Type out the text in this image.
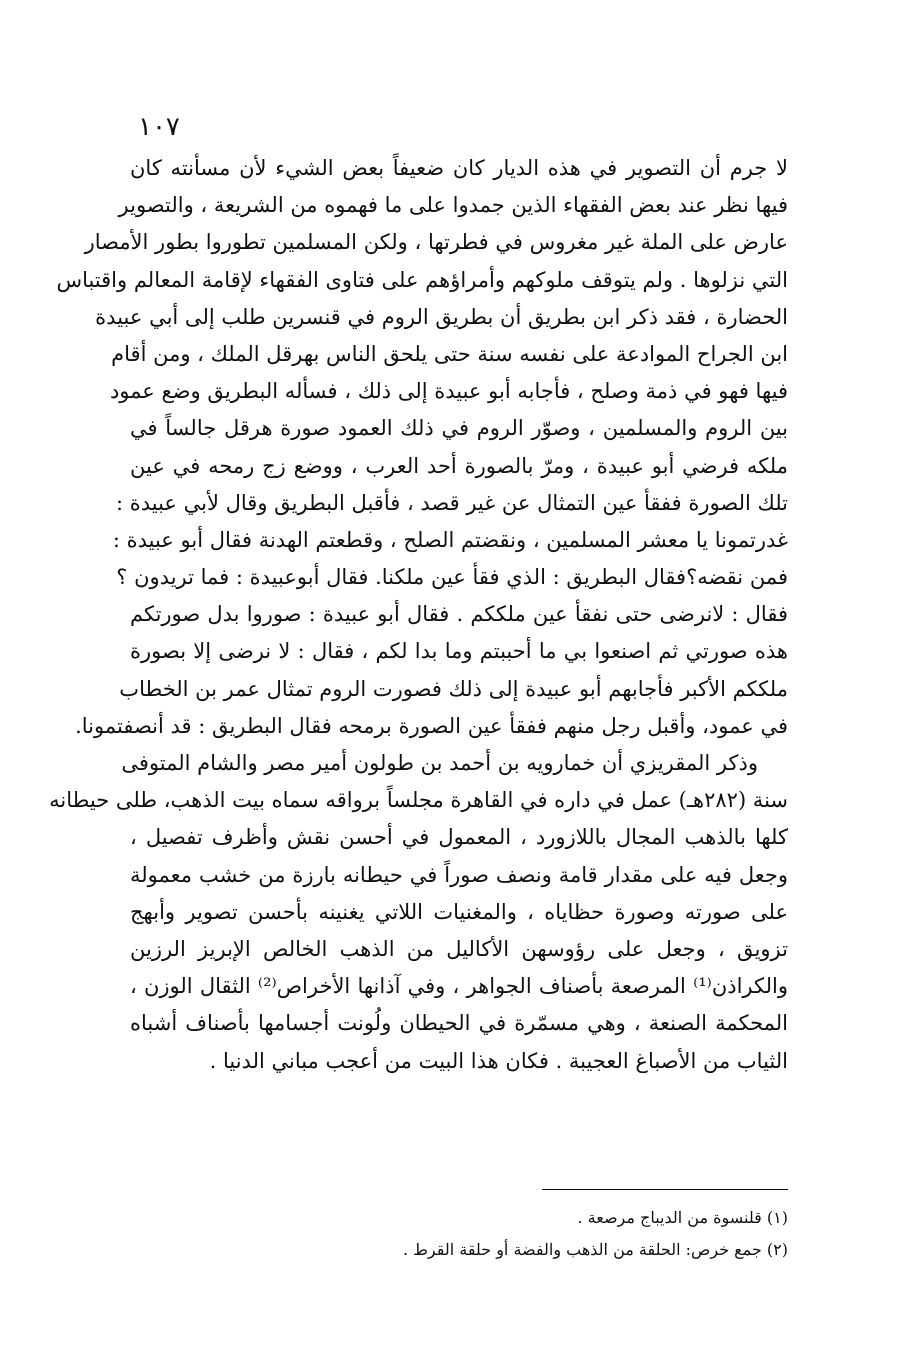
١٠٧
لا جرم أن التصوير في هذه الديار كان ضعيفاً بعض الشيء لأن مسأنته كان
فيها نظر عند بعض الفقهاء الذين جمدوا على ما فهموه من الشريعة ، والتصوير
عارض على الملة غير مغروس في فطرتها ، ولكن المسلمين تطوروا بطور الأمصار
التي نزلوها . ولم يتوقف ملوكهم وأمراؤهم على فتاوى الفقهاء لإقامة المعالم واقتباس
الحضارة ، فقد ذكر ابن بطريق أن بطريق الروم في قنسرين طلب إلى أبي عبيدة
ابن الجراح الموادعة على نفسه سنة حتى يلحق الناس بهرقل الملك ، ومن أقام
فيها فهو في ذمة وصلح ، فأجابه أبو عبيدة إلى ذلك ، فسأله البطريق وضع عمود
بين الروم والمسلمين ، وصوّر الروم في ذلك العمود صورة هرقل جالساً في
ملكه فرضي أبو عبيدة ، ومرّ بالصورة أحد العرب ، ووضع زج رمحه في عين
تلك الصورة ففقأ عين التمثال عن غير قصد ، فأقبل البطريق وقال لأبي عبيدة :
غدرتمونا يا معشر المسلمين ، ونقضتم الصلح ، وقطعتم الهدنة فقال أبو عبيدة :
فمن نقضه؟فقال البطريق : الذي فقأ عين ملكنا. فقال أبوعبيدة : فما تريدون ؟
فقال : لانرضى حتى نفقأ عين ملككم . فقال أبو عبيدة : صوروا بدل صورتكم
هذه صورتي ثم اصنعوا بي ما أحببتم وما بدا لكم ، فقال : لا نرضى إلا بصورة
ملككم الأكبر فأجابهم أبو عبيدة إلى ذلك فصورت الروم تمثال عمر بن الخطاب
في عمود، وأقبل رجل منهم ففقأ عين الصورة برمحه فقال البطريق : قد أنصفتمونا.
وذكر المقريزي أن خمارويه بن أحمد بن طولون أمير مصر والشام المتوفى
سنة (٢٨٢هـ) عمل في داره في القاهرة مجلساً برواقه سماه بيت الذهب، طلى حيطانه
كلها بالذهب المجال باللازورد ، المعمول في أحسن نقش وأظرف تفصيل ،
وجعل فيه على مقدار قامة ونصف صوراً في حيطانه بارزة من خشب معمولة
على صورته وصورة حظاياه ، والمغنيات اللاتي يغنينه بأحسن تصوير وأبهج
تزويق ، وجعل على رؤوسهن الأكاليل من الذهب الخالص الإبريز الرزين
والكراذن⁽¹⁾ المرصعة بأصناف الجواهر ، وفي آذانها الأخراص⁽²⁾ الثقال الوزن ،
المحكمة الصنعة ، وهي مسمّرة في الحيطان ولُونت أجسامها بأصناف أشباه
الثياب من الأصباغ العجيبة . فكان هذا البيت من أعجب مباني الدنيا .
(١) قلنسوة من الديباج مرصعة .
(٢) جمع خرص: الحلقة من الذهب والفضة أو حلقة القرط .
